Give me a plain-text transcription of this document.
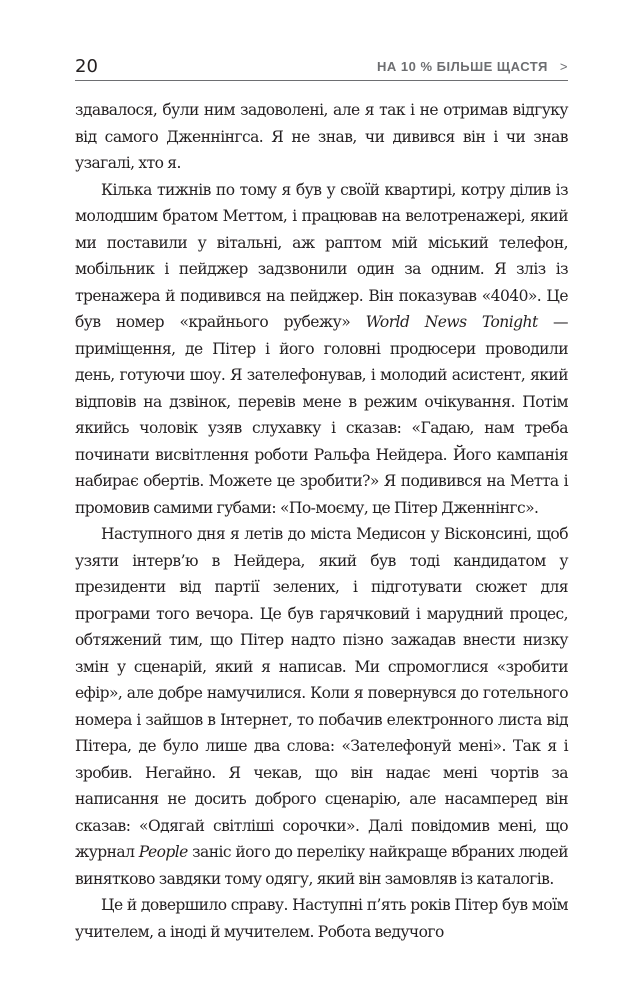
20	НА 10 % БІЛЬШЕ ЩАСТЯ >

здавалося, були ним задоволені, але я так і не отримав відгуку від самого Дженнінгса. Я не знав, чи дивився він і чи знав узагалі, хто я.

Кілька тижнів по тому я був у своїй квартирі, котру ділив із молодшим братом Меттом, і працював на велотренажері, який ми поставили у вітальні, аж раптом мій міський телефон, мобільник і пейджер задзвонили один за одним. Я зліз із тренажера й подивився на пейджер. Він показував «4040». Це був номер «крайнього рубежу» World News Tonight — приміщення, де Пітер і його головні продюсери проводили день, готуючи шоу. Я зателефонував, і молодий асистент, який відповів на дзвінок, перевів мене в режим очікування. Потім якийсь чоловік узяв слухавку і сказав: «Гадаю, нам треба починати висвітлення роботи Ральфа Нейдера. Його кампанія набирає обертів. Можете це зробити?» Я подивився на Метта і промовив самими губами: «По-моєму, це Пітер Дженнінгс».

Наступного дня я летів до міста Медисон у Вісконсині, щоб узяти інтерв’ю в Нейдера, який був тоді кандидатом у президенти від партії зелених, і підготувати сюжет для програми того вечора. Це був гарячковий і марудний процес, обтяжений тим, що Пітер надто пізно зажадав внести низку змін у сценарій, який я написав. Ми спромоглися «зробити ефір», але добре намучилися. Коли я повернувся до готельного номера і зайшов в Інтернет, то побачив електронного листа від Пітера, де було лише два слова: «Зателефонуй мені». Так я і зробив. Негайно. Я чекав, що він надає мені чортів за написання не досить доброго сценарію, але насамперед він сказав: «Одягай світліші сорочки». Далі повідомив мені, що журнал People заніс його до переліку найкраще вбраних людей винятково завдяки тому одягу, який він замовляв із каталогів.

Це й довершило справу. Наступні п’ять років Пітер був моїм учителем, а іноді й мучителем. Робота ведучого
